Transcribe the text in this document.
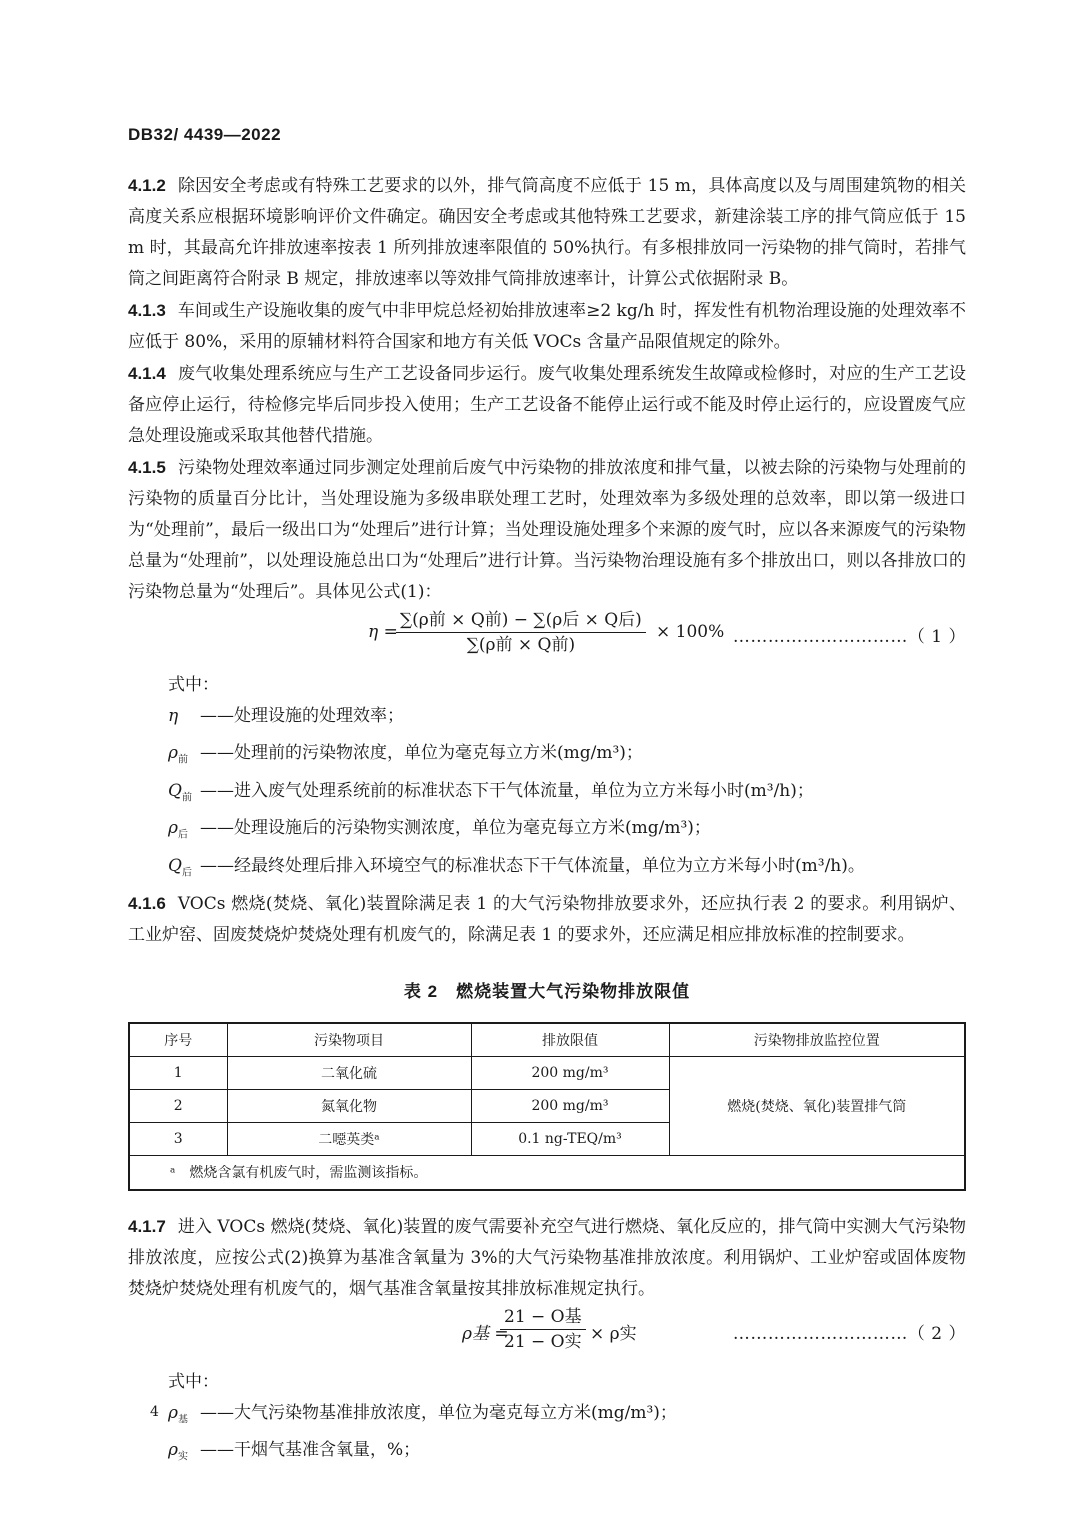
DB32/ 4439—2022

4.1.2 除因安全考虑或有特殊工艺要求的以外，排气筒高度不应低于 15 m，具体高度以及与周围建筑物的相关高度关系应根据环境影响评价文件确定。确因安全考虑或其他特殊工艺要求，新建涂装工序的排气筒应低于 15 m 时，其最高允许排放速率按表 1 所列排放速率限值的 50%执行。有多根排放同一污染物的排气筒时，若排气筒之间距离符合附录 B 规定，排放速率以等效排气筒排放速率计，计算公式依据附录 B。

4.1.3 车间或生产设施收集的废气中非甲烷总烃初始排放速率≥2 kg/h 时，挥发性有机物治理设施的处理效率不应低于 80%，采用的原辅材料符合国家和地方有关低 VOCs 含量产品限值规定的除外。

4.1.4 废气收集处理系统应与生产工艺设备同步运行。废气收集处理系统发生故障或检修时，对应的生产工艺设备应停止运行，待检修完毕后同步投入使用；生产工艺设备不能停止运行或不能及时停止运行的，应设置废气应急处理设施或采取其他替代措施。

4.1.5 污染物处理效率通过同步测定处理前后废气中污染物的排放浓度和排气量，以被去除的污染物与处理前的污染物的质量百分比计，当处理设施为多级串联处理工艺时，处理效率为多级处理的总效率，即以第一级进口为“处理前”，最后一级出口为“处理后”进行计算；当处理设施处理多个来源的废气时，应以各来源废气的污染物总量为“处理前”，以处理设施总出口为“处理后”进行计算。当污染物治理设施有多个排放出口，则以各排放口的污染物总量为“处理后”。具体见公式(1)：

η =
∑(ρ前 × Q前) − ∑(ρ后 × Q后)
∑(ρ前 × Q前)
× 100% …………………………（ 1 ）
式中：
η	——处理设施的处理效率；
$\rho_前$ ——处理前的污染物浓度，单位为毫克每立方米(mg/m³)；
$Q_前$ ——进入废气处理系统前的标准状态下干气体流量，单位为立方米每小时(m³/h)；
$\rho_后$ ——处理设施后的污染物实测浓度，单位为毫克每立方米(mg/m³)；
$Q_后$ ——经最终处理后排入环境空气的标准状态下干气体流量，单位为立方米每小时(m³/h)。

4.1.6 VOCs 燃烧(焚烧、氧化)装置除满足表 1 的大气污染物排放要求外，还应执行表 2 的要求。利用锅炉、工业炉窑、固废焚烧炉焚烧处理有机废气的，除满足表 1 的要求外，还应满足相应排放标准的控制要求。

表 2　燃烧装置大气污染物排放限值
序号	污染物项目	排放限值	污染物排放监控位置
1	二氧化硫	200 mg/m³	燃烧(焚烧、氧化)装置排气筒
2	氮氧化物	200 mg/m³	
3	二噁英类ᵃ	0.1 ng-TEQ/m³	
ᵃ　燃烧含氯有机废气时，需监测该指标。			

4.1.7 进入 VOCs 燃烧(焚烧、氧化)装置的废气需要补充空气进行燃烧、氧化反应的，排气筒中实测大气污染物排放浓度，应按公式(2)换算为基准含氧量为 3%的大气污染物基准排放浓度。利用锅炉、工业炉窑或固体废物焚烧炉焚烧处理有机废气的，烟气基准含氧量按其排放标准规定执行。

ρ基 =
21 − O基
21 − O实 × ρ实	…………………………（ 2 ）
式中：
$\rho_基$ ——大气污染物基准排放浓度，单位为毫克每立方米(mg/m³)；
$\rho_实$ ——干烟气基准含氧量，%；
4
